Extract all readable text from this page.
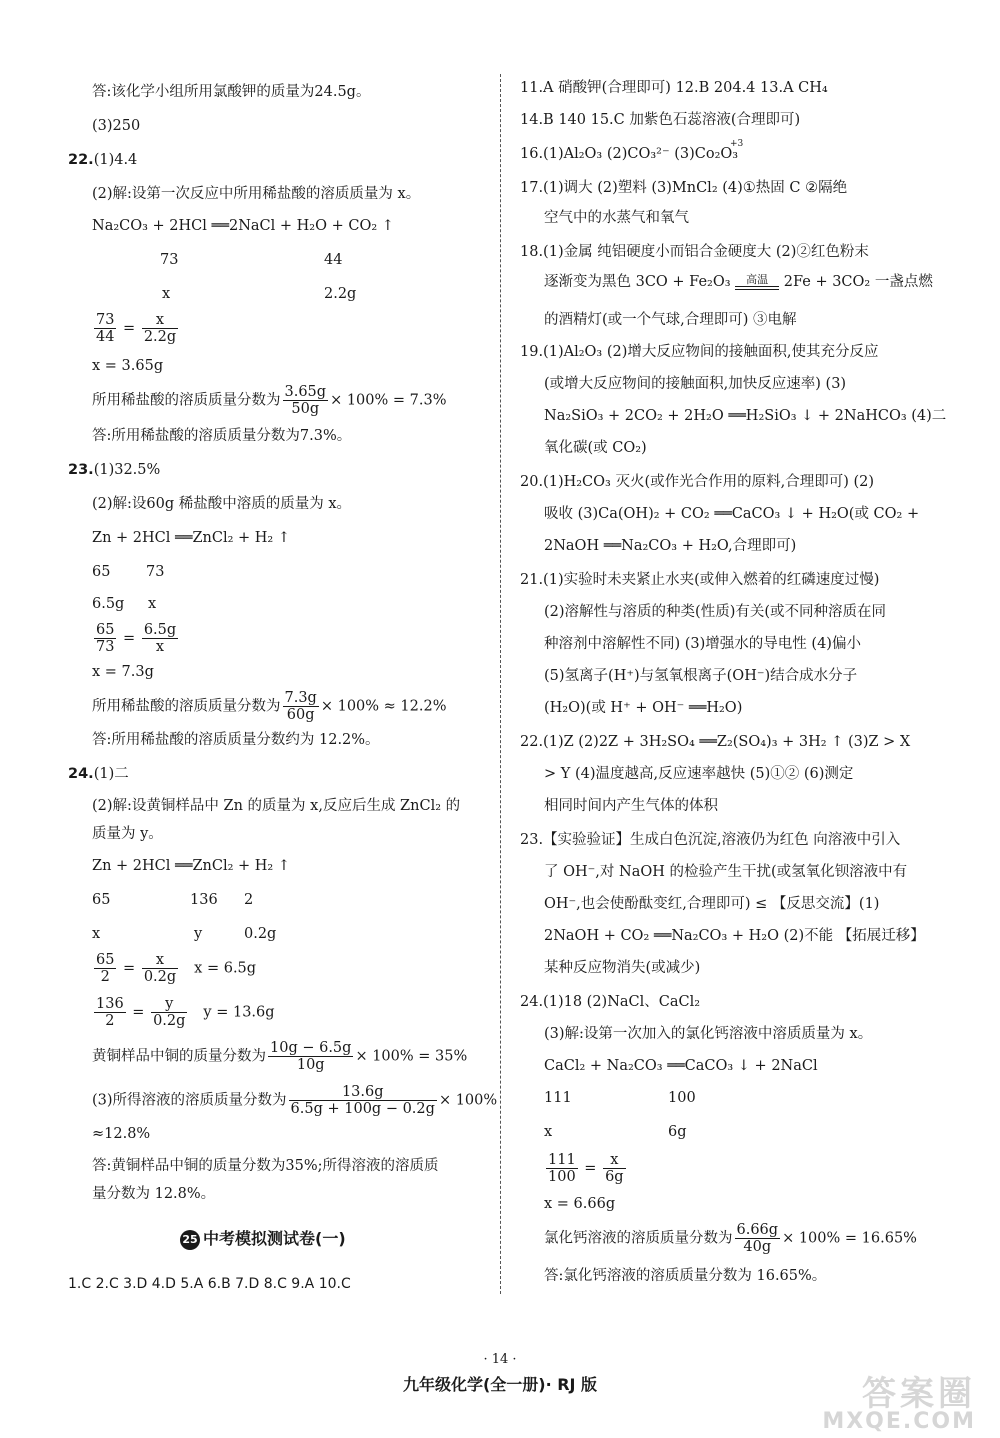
答:该化学小组所用氯酸钾的质量为24.5g。
(3)250
22.(1)4.4
(2)解:设第一次反应中所用稀盐酸的溶质质量为 x。
Na₂CO₃ + 2HCl ══2NaCl + H₂O + CO₂ ↑
73	44
x	2.2g
$\frac{73}{44} = \frac{x}{2.2g}$
x = 3.65g
所用稀盐酸的溶质质量分数为 $\frac{3.65g}{50g} \times 100\% = 7.3\%$
答:所用稀盐酸的溶质质量分数为7.3%。
23.(1)32.5%
(2)解:设60g 稀盐酸中溶质的质量为 x。
Zn + 2HCl ══ZnCl₂ + H₂ ↑
65 73
6.5g x
$\frac{65}{73} = \frac{6.5g}{x}$
x = 7.3g
所用稀盐酸的溶质质量分数为 $\frac{7.3g}{60g} \times 100\% \approx 12.2\%$
答:所用稀盐酸的溶质质量分数约为 12.2%。
24.(1)二
(2)解:设黄铜样品中 Zn 的质量为 x,反应后生成 ZnCl₂ 的
质量为 y。
Zn + 2HCl ══ZnCl₂ + H₂ ↑
65	136 2
x	y	0.2g
$\frac{65}{2} = \frac{x}{0.2g}$ x = 6.5g
$\frac{136}{2} = \frac{y}{0.2g}$ y = 13.6g
黄铜样品中铜的质量分数为 $\frac{10g - 6.5g}{10g} \times 100\% = 35\%$
(3)所得溶液的溶质质量分数为 $\frac{13.6g}{6.5g + 100g - 0.2g} \times 100\%$
≈12.8%
答:黄铜样品中铜的质量分数为35%;所得溶液的溶质质
量分数为 12.8%。
25 中考模拟测试卷(一)
1.C 2.C 3.D 4.D 5.A 6.B 7.D 8.C 9.A 10.C
11.A 硝酸钾(合理即可) 12.B 204.4 13.A CH₄
14.B 140 15.C 加紫色石蕊溶液(合理即可)
16.(1)Al₂O₃ (2)CO₃²⁻ (3)Co₂O₃
+3
17.(1)调大 (2)塑料 (3)MnCl₂ (4)①热固 C ②隔绝
空气中的水蒸气和氧气
18.(1)金属 纯铝硬度小而铝合金硬度大 (2)②红色粉末
逐渐变为黑色 3CO + Fe₂O₃	高温	2Fe + 3CO₂ 一盏点燃
的酒精灯(或一个气球,合理即可) ③电解
19.(1)Al₂O₃ (2)增大反应物间的接触面积,使其充分反应
(或增大反应物间的接触面积,加快反应速率) (3)
Na₂SiO₃ + 2CO₂ + 2H₂O ══H₂SiO₃ ↓ + 2NaHCO₃ (4)二
氧化碳(或 CO₂)
20.(1)H₂CO₃ 灭火(或作光合作用的原料,合理即可) (2)
吸收 (3)Ca(OH)₂ + CO₂ ══CaCO₃ ↓ + H₂O(或 CO₂ +
2NaOH ══Na₂CO₃ + H₂O,合理即可)
21.(1)实验时未夹紧止水夹(或伸入燃着的红磷速度过慢)
(2)溶解性与溶质的种类(性质)有关(或不同种溶质在同
种溶剂中溶解性不同) (3)增强水的导电性 (4)偏小
(5)氢离子(H⁺)与氢氧根离子(OH⁻)结合成水分子
(H₂O)(或 H⁺ + OH⁻ ══H₂O)
22.(1)Z (2)2Z + 3H₂SO₄ ══Z₂(SO₄)₃ + 3H₂ ↑ (3)Z > X
> Y (4)温度越高,反应速率越快 (5)①② (6)测定
相同时间内产生气体的体积
23.【实验验证】生成白色沉淀,溶液仍为红色 向溶液中引入
了 OH⁻,对 NaOH 的检验产生干扰(或氢氧化钡溶液中有
OH⁻,也会使酚酞变红,合理即可) ≤ 【反思交流】(1)
2NaOH + CO₂ ══Na₂CO₃ + H₂O (2)不能 【拓展迁移】
某种反应物消失(或减少)
24.(1)18 (2)NaCl、CaCl₂
(3)解:设第一次加入的氯化钙溶液中溶质质量为 x。
CaCl₂ + Na₂CO₃ ══CaCO₃ ↓ + 2NaCl
111	100
x	6g
$\frac{111}{100} = \frac{x}{6g}$
x = 6.66g
氯化钙溶液的溶质质量分数为 $\frac{6.66g}{40g} \times 100\% = 16.65\%$
答:氯化钙溶液的溶质质量分数为 16.65%。
· 14 ·
九年级化学(全一册)· RJ 版	答案圈
MXQE.COM
